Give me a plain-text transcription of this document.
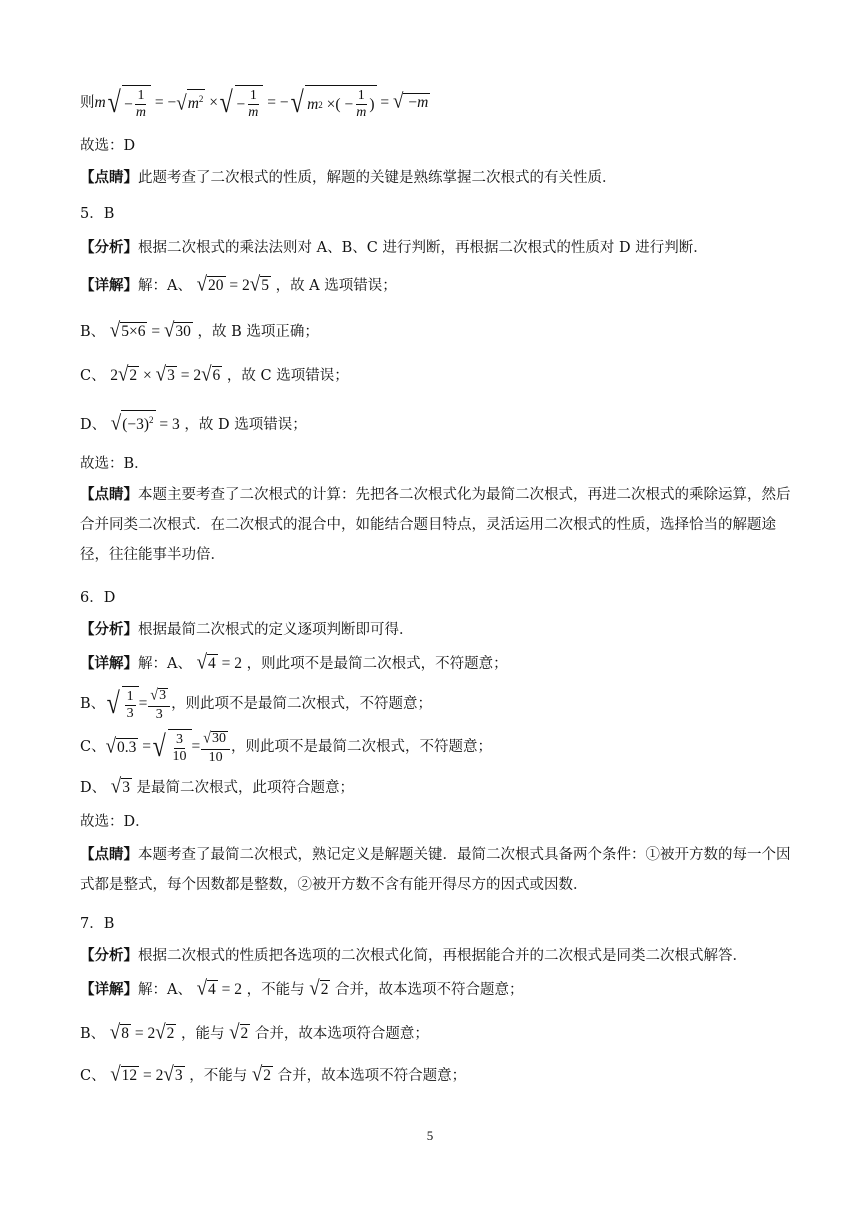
则 m √ − $\frac{1}{m}$ = − $√m^2$ × √ − $\frac{1}{m}$ = − √ m 2 ×( − $\frac{1}{m}$ ) = √ −m
故选：D
【点睛】此题考查了二次根式的性质，解题的关键是熟练掌握二次根式的有关性质．
5．B
【分析】根据二次根式的乘法法则对 A、B、C 进行判断，再根据二次根式的性质对 D 进行判断．
【详解】解：A、 √20 = 2√5 ，故 A 选项错误；
B、 √5×6 = √30 ，故 B 选项正确；
C、 2√2 × √3 = 2√6 ，故 C 选项错误；
D、 $√(-3)^2 = 3$ ，故 D 选项错误；
故选：B．
【点睛】本题主要考查了二次根式的计算：先把各二次根式化为最简二次根式，再进二次根式的乘除运算，然后合并同类二次根式．在二次根式的混合中，如能结合题目特点，灵活运用二次根式的性质，选择恰当的解题途径，往往能事半功倍．
6．D
【分析】根据最简二次根式的定义逐项判断即可得．
【详解】解：A、 √4 = 2 ，则此项不是最简二次根式，不符题意；
B、 √ $\frac{1}{3} = \frac{√3}{3}$ ，则此项不是最简二次根式，不符题意；
C、 √ 0.3 = √ $\frac{3}{10} = \frac{√30}{10}$ ，则此项不是最简二次根式，不符题意；
D、 √3 是最简二次根式，此项符合题意；
故选：D．
【点睛】本题考查了最简二次根式，熟记定义是解题关键．最简二次根式具备两个条件：①被开方数的每一个因式都是整式，每个因数都是整数，②被开方数不含有能开得尽方的因式或因数．
7．B
【分析】根据二次根式的性质把各选项的二次根式化简，再根据能合并的二次根式是同类二次根式解答．
【详解】解：A、 √4 = 2 ，不能与 √2 合并，故本选项不符合题意；
B、 √8 = 2√2 ，能与 √2 合并，故本选项符合题意；
C、 √12 = 2√3 ，不能与 √2 合并，故本选项不符合题意；
5
